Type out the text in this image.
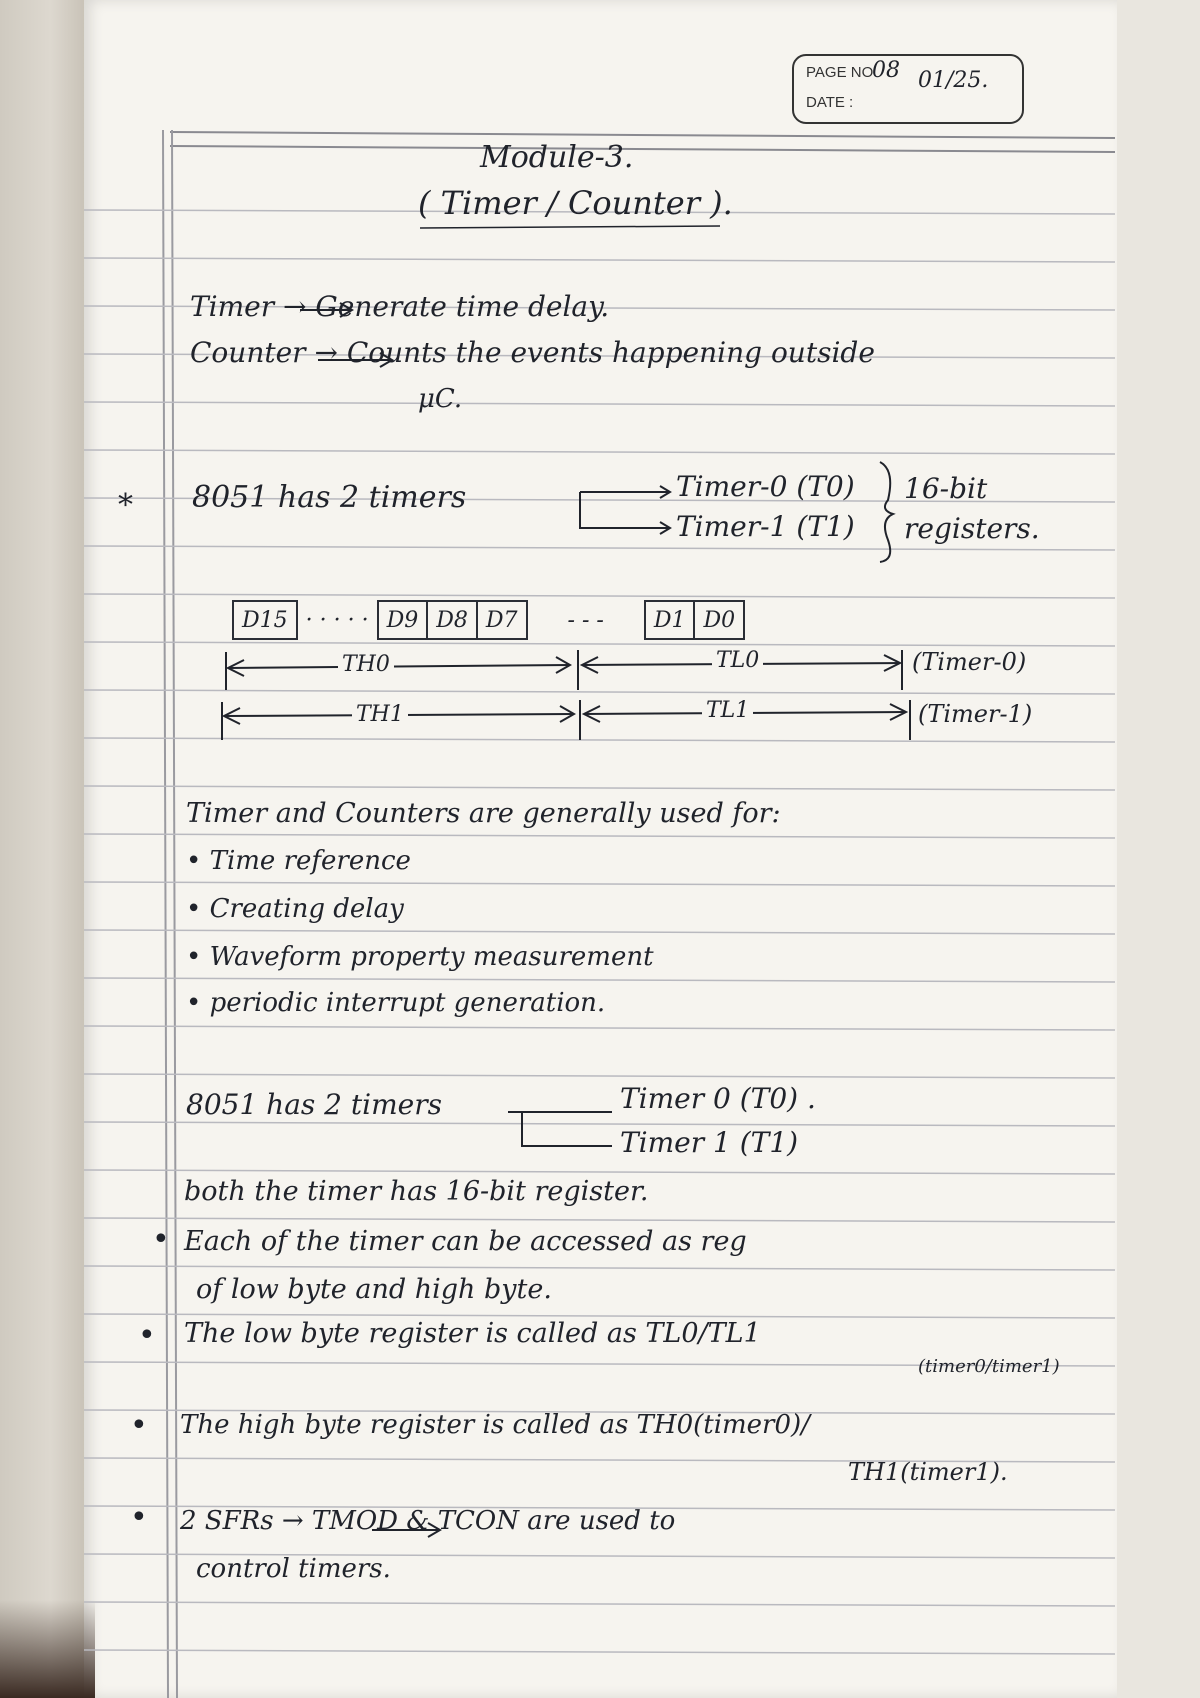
PAGE NO
08
DATE :
01/25.
Module-3.
( Timer / Counter ).
Timer → Generate time delay.
Counter → Counts the events happening outside
μC.
* 8051 has 2 timers	Timer-0 (T0)
Timer-1 (T1)
16-bit
registers.
D15	· · · · ·	D9	D8	D7	- - -	D1	D0
TH0	TL0	(Timer-0)
TH1	TL1	(Timer-1)
Timer and Counters are generally used for:
• Time reference
• Creating delay
• Waveform property measurement
• periodic interrupt generation.
8051 has 2 timers	Timer 0 (T0) .
Timer 1 (T1)
both the timer has 16-bit register.
• Each of the timer can be accessed as reg
of low byte and high byte.
• The low byte register is called as TL0/TL1
(timer0/timer1)
• The high byte register is called as TH0(timer0)/
TH1(timer1).
• 2 SFRs → TMOD & TCON are used to
control timers.
